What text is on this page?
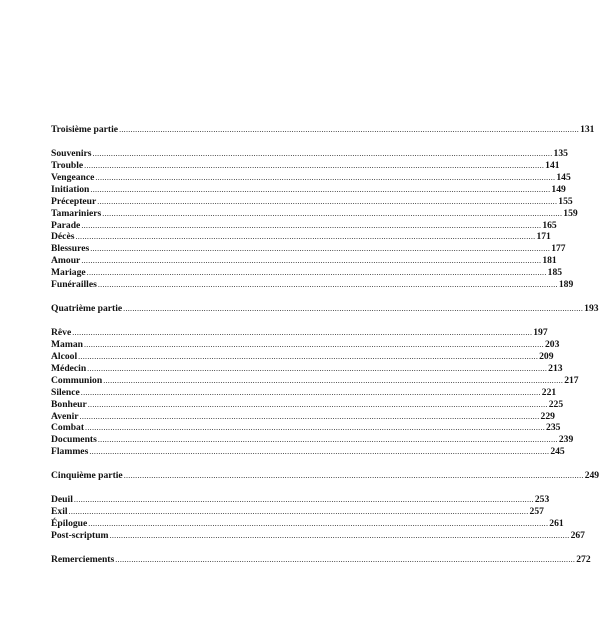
Troisième partie ........................................................................................................................................................................................................ 131
Souvenirs ........................................................................................................................................................................................................ 135
Trouble ........................................................................................................................................................................................................ 141
Vengeance ........................................................................................................................................................................................................ 145
Initiation ........................................................................................................................................................................................................ 149
Précepteur ........................................................................................................................................................................................................ 155
Tamariniers ........................................................................................................................................................................................................ 159
Parade ........................................................................................................................................................................................................ 165
Décès ........................................................................................................................................................................................................ 171
Blessures ........................................................................................................................................................................................................ 177
Amour ........................................................................................................................................................................................................ 181
Mariage ........................................................................................................................................................................................................ 185
Funérailles ........................................................................................................................................................................................................ 189
Quatrième partie ........................................................................................................................................................................................................ 193
Rêve ........................................................................................................................................................................................................ 197
Maman ........................................................................................................................................................................................................ 203
Alcool ........................................................................................................................................................................................................ 209
Médecin ........................................................................................................................................................................................................ 213
Communion ........................................................................................................................................................................................................ 217
Silence ........................................................................................................................................................................................................ 221
Bonheur ........................................................................................................................................................................................................ 225
Avenir ........................................................................................................................................................................................................ 229
Combat ........................................................................................................................................................................................................ 235
Documents ........................................................................................................................................................................................................ 239
Flammes ........................................................................................................................................................................................................ 245
Cinquième partie ........................................................................................................................................................................................................ 249
Deuil ........................................................................................................................................................................................................ 253
Exil ........................................................................................................................................................................................................ 257
Épilogue ........................................................................................................................................................................................................ 261
Post-scriptum ........................................................................................................................................................................................................ 267
Remerciements ........................................................................................................................................................................................................ 272
